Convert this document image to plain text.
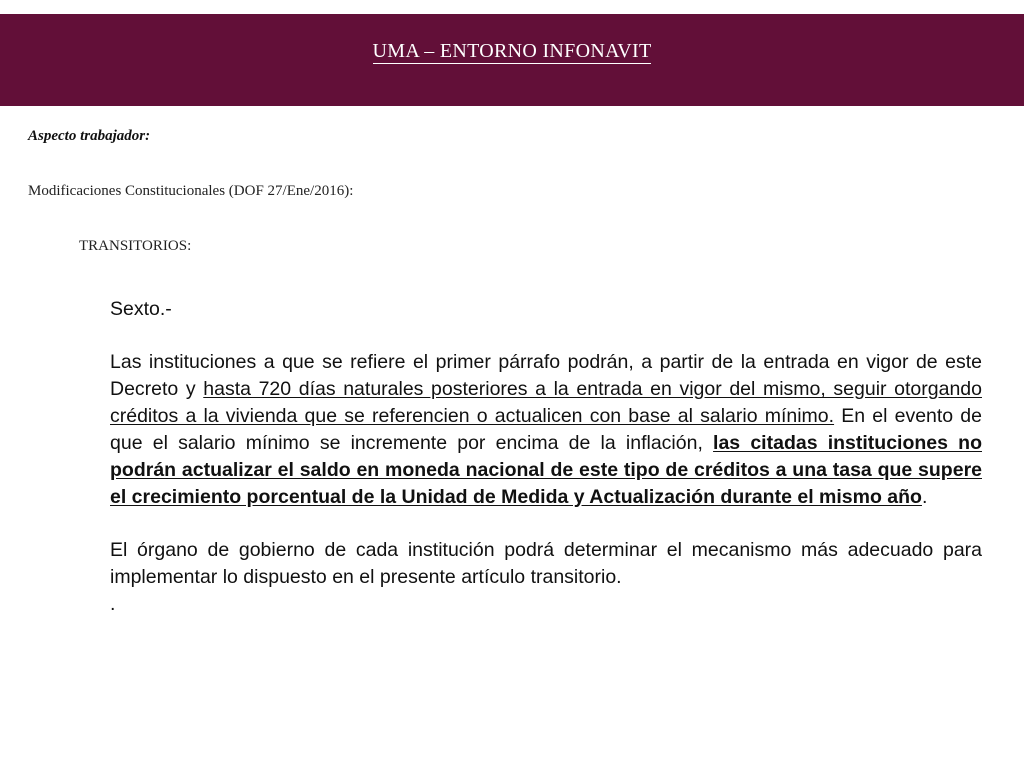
UMA – ENTORNO INFONAVIT
Aspecto trabajador:
Modificaciones Constitucionales (DOF 27/Ene/2016):
TRANSITORIOS:
Sexto.-
Las instituciones a que se refiere el primer párrafo podrán, a partir de la entrada en vigor de este Decreto y hasta 720 días naturales posteriores a la entrada en vigor del mismo, seguir otorgando créditos a la vivienda que se referencien o actualicen con base al salario mínimo. En el evento de que el salario mínimo se incremente por encima de la inflación, las citadas instituciones no podrán actualizar el saldo en moneda nacional de este tipo de créditos a una tasa que supere el crecimiento porcentual de la Unidad de Medida y Actualización durante el mismo año.
El órgano de gobierno de cada institución podrá determinar el mecanismo más adecuado para implementar lo dispuesto en el presente artículo transitorio.
.
